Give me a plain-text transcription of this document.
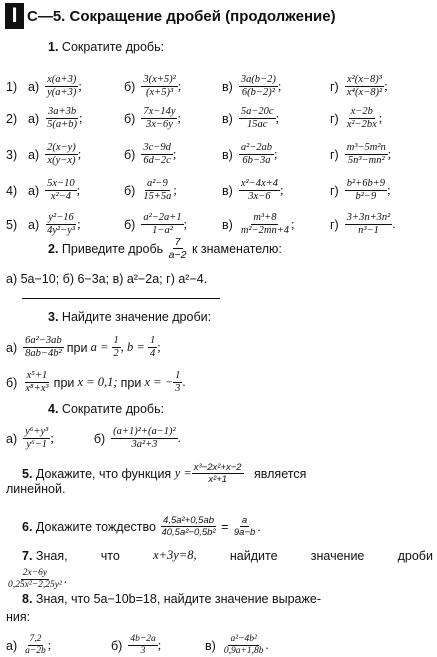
I С—5. Сокращение дробей (продолжение)
1.
Сократите дробь:
1) а) x(a+3)
y(a+3) ;	б) 3(x+5)²
(x+5)³ ;	в) 3a(b−2)
6(b−2)² ;	г) x²(x−8)³
x⁴(x−8)² ;
2) а) 3a+3b
5(a+b) ;	б) 7x−14y
3x−6y ;	в) 5a−20c
15ac ;	г) x−2b
x²−2bx ;
3) а) 2(x−y)
x(y−x) ;	б) 3c−9d
6d−2c ;	в) a²−2ab
6b−3a ;	г) m³−5m²n
5n³−mn² ;
4) а) 5x−10
x²−4 ;	б) a²−9
15+5a ;	в) x²−4x+4
3x−6 ;	г) b²+6b+9
b²−9 ;
5) а) y²−16
4y²−y³ ;	б) a²−2a+1
1−a² ;	в) m³+8
m²−2mn+4 ;	г) 3+3n+3n²
n³−1 .
2.
Приведите дробь
7
a−2
к знаменателю:
а) 5a−10;
б) 6−3a;
в) a²−2a;
г) a²−4.
3.
Найдите значение дроби:
а) 6a²−3ab
8ab−4b²
при
a =
$\frac{1}{2}$ , b =
$\frac{1}{4}$ ;
б) x⁵+1
x⁸+x³
при
x = 0,1;
при
x = − $\frac{1}{3}$ .
4.
Сократите дробь:
а) y⁶+y³
y⁶−1 ;	б) (a+1)²+(a−1)²
3a²+3 .
5.
Докажите, что функция
$y = \frac{\text{x³−2x²+x−2}}{\text{x²+1}}$
является
линейной.
6.
Докажите тождество
$\frac{\text{4,5a²+0,5ab}}{\text{40,5a²−0,5b²}}$
=
$\frac{a}{9a-b}$ .
7. Зная,	что	x+3y=8,	найдите	значение	дроби
2x−6y
0,25x²−2,25y² .
8.
Зная, что 5a−10b=18, найдите значение выраже-
ния:
а) 7,2
a−2b ;	б) 4b−2a
3 ;	в) a²−4b²
0,9a+1,8b .
